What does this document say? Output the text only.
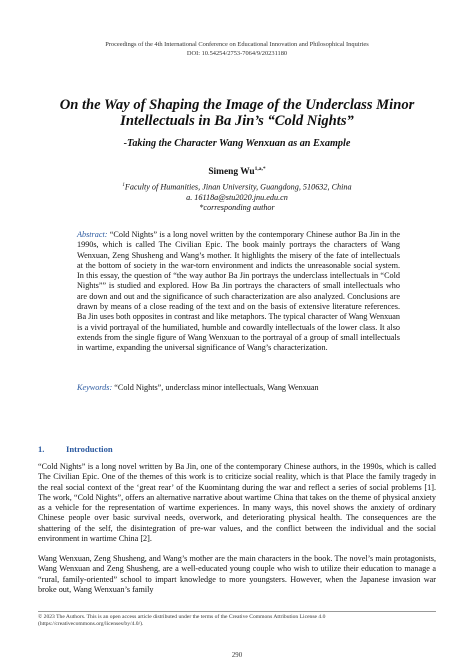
Proceedings of the 4th International Conference on Educational Innovation and Philosophical Inquiries
DOI: 10.54254/2753-7064/9/20231180
On the Way of Shaping the Image of the Underclass Minor Intellectuals in Ba Jin’s “Cold Nights”
-Taking the Character Wang Wenxuan as an Example
Simeng $Wu^{1,a,*}$
$^1$Faculty of Humanities, Jinan University, Guangdong, 510632, China
a. 16118a@stu2020.jnu.edu.cn
*corresponding author
Abstract: “Cold Nights” is a long novel written by the contemporary Chinese author Ba Jin in the 1990s, which is called The Civilian Epic. The book mainly portrays the characters of Wang Wenxuan, Zeng Shusheng and Wang’s mother. It highlights the misery of the fate of intellectuals at the bottom of society in the war-torn environment and indicts the unreasonable social system. In this essay, the question of “the way author Ba Jin portrays the underclass intellectuals in “Cold Nights”” is studied and explored. How Ba Jin portrays the characters of small intellectuals who are down and out and the significance of such characterization are also analyzed. Conclusions are drawn by means of a close reading of the text and on the basis of extensive literature references. Ba Jin uses both opposites in contrast and like metaphors. The typical character of Wang Wenxuan is a vivid portrayal of the humiliated, humble and cowardly intellectuals of the lower class. It also extends from the single figure of Wang Wenxuan to the portrayal of a group of small intellectuals in wartime, expanding the universal significance of Wang’s characterization.
Keywords: “Cold Nights”, underclass minor intellectuals, Wang Wenxuan
1.	Introduction
“Cold Nights” is a long novel written by Ba Jin, one of the contemporary Chinese authors, in the 1990s, which is called The Civilian Epic. One of the themes of this work is to criticize social reality, which is that Place the family tragedy in the real social context of the ‘great rear’ of the Kuomintang during the war and reflect a series of social problems [1]. The work, “Cold Nights”, offers an alternative narrative about wartime China that takes on the theme of physical anxiety as a vehicle for the representation of wartime experiences. In many ways, this novel shows the anxiety of ordinary Chinese people over basic survival needs, overwork, and deteriorating physical health. The consequences are the shattering of the self, the disintegration of pre-war values, and the conflict between the individual and the social environment in wartime China [2].
Wang Wenxuan, Zeng Shusheng, and Wang’s mother are the main characters in the book. The novel’s main protagonists, Wang Wenxuan and Zeng Shusheng, are a well-educated young couple who wish to utilize their education to manage a “rural, family-oriented” school to impart knowledge to more youngsters. However, when the Japanese invasion war broke out, Wang Wenxuan’s family
© 2023 The Authors. This is an open access article distributed under the terms of the Creative Commons Attribution License 4.0
(https://creativecommons.org/licenses/by/4.0/).
290
